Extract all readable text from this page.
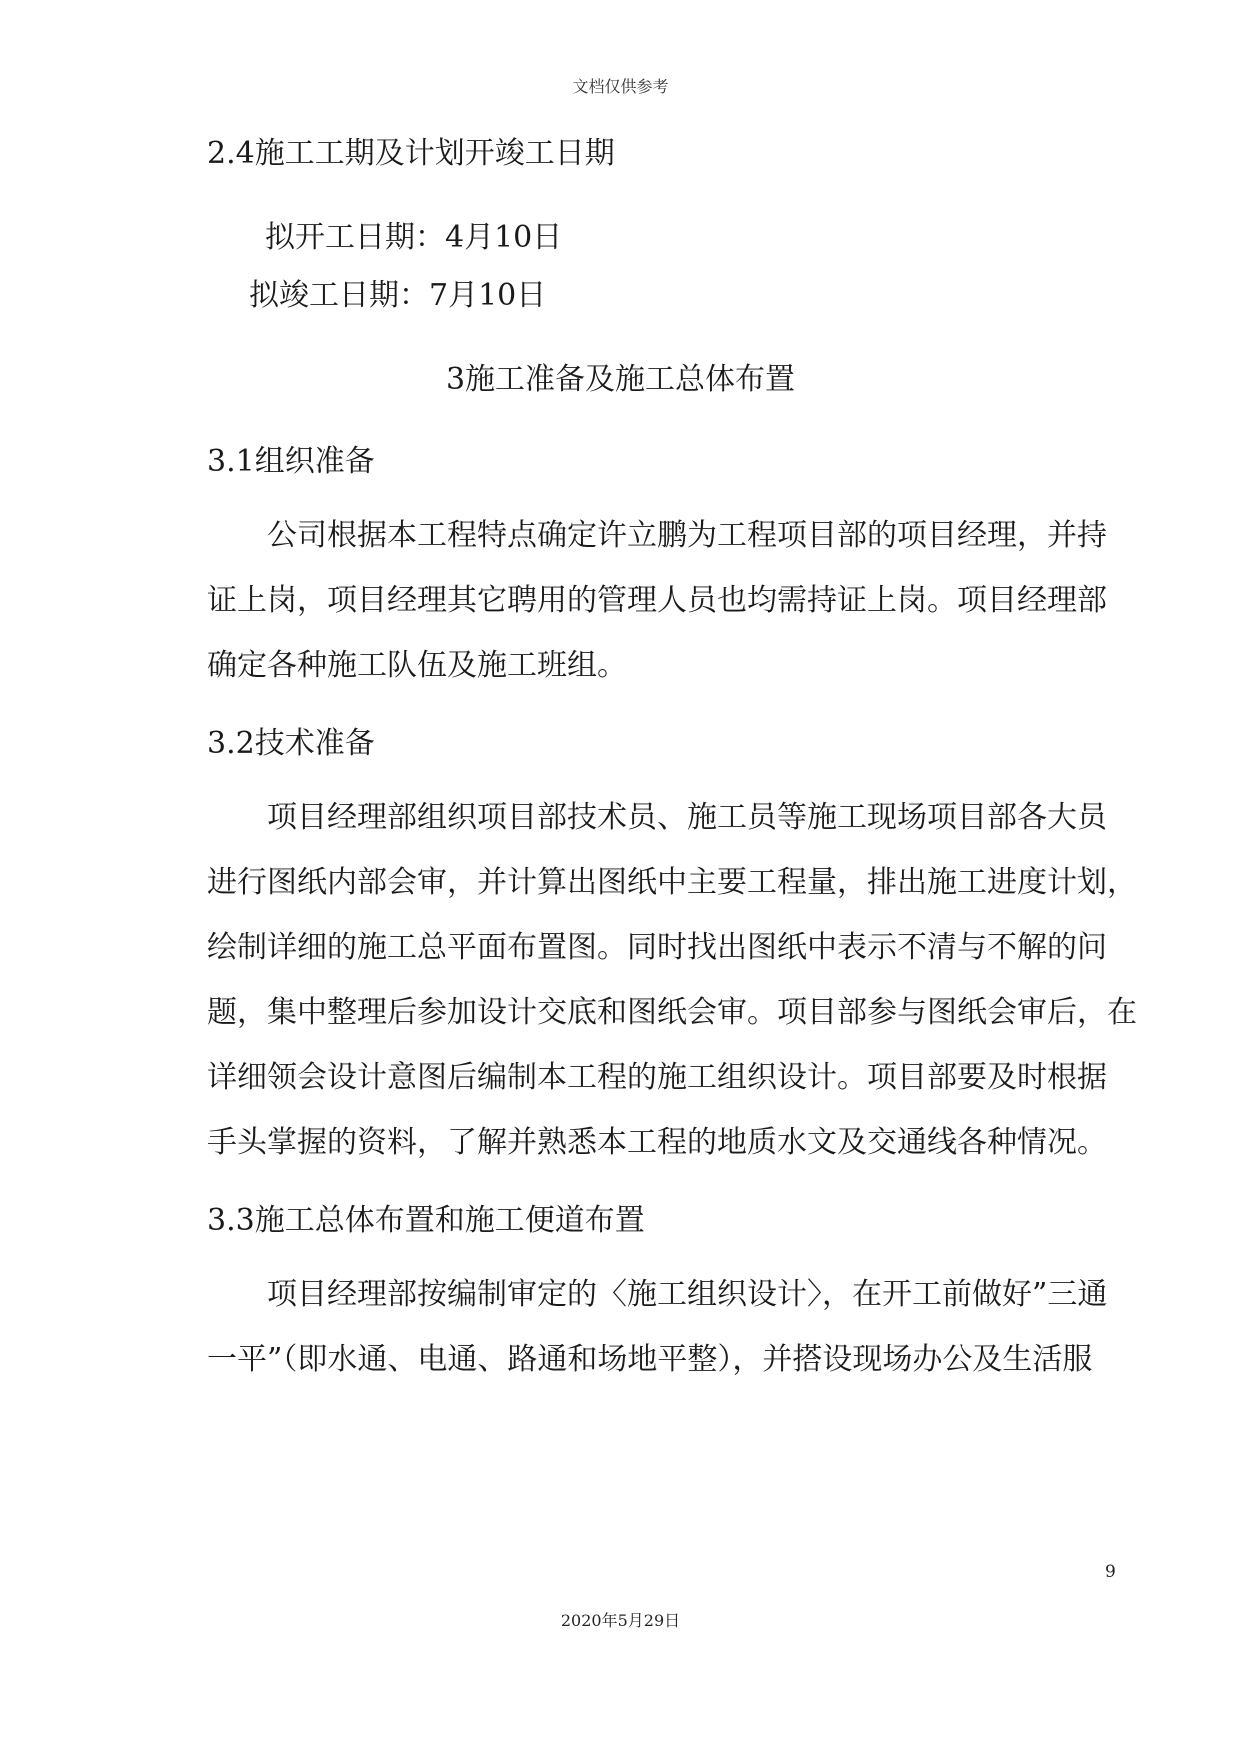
文档仅供参考
2.4施工工期及计划开竣工日期
拟开工日期：4月10日
拟竣工日期：7月10日
3施工准备及施工总体布置
3.1组织准备

公司根据本工程特点确定许立鹏为工程项目部的项目经理，并持

证上岗，项目经理其它聘用的管理人员也均需持证上岗。项目经理部

确定各种施工队伍及施工班组。

3.2技术准备

项目经理部组织项目部技术员、施工员等施工现场项目部各大员

进行图纸内部会审，并计算出图纸中主要工程量，排出施工进度计划，

绘制详细的施工总平面布置图。同时找出图纸中表示不清与不解的问

题，集中整理后参加设计交底和图纸会审。项目部参与图纸会审后，在

详细领会设计意图后编制本工程的施工组织设计。项目部要及时根据

手头掌握的资料，了解并熟悉本工程的地质水文及交通线各种情况。

3.3施工总体布置和施工便道布置

项目经理部按编制审定的〈施工组织设计〉，在开工前做好”三通

一平”（即水通、电通、路通和场地平整），并搭设现场办公及生活服

9
2020年5月29日
